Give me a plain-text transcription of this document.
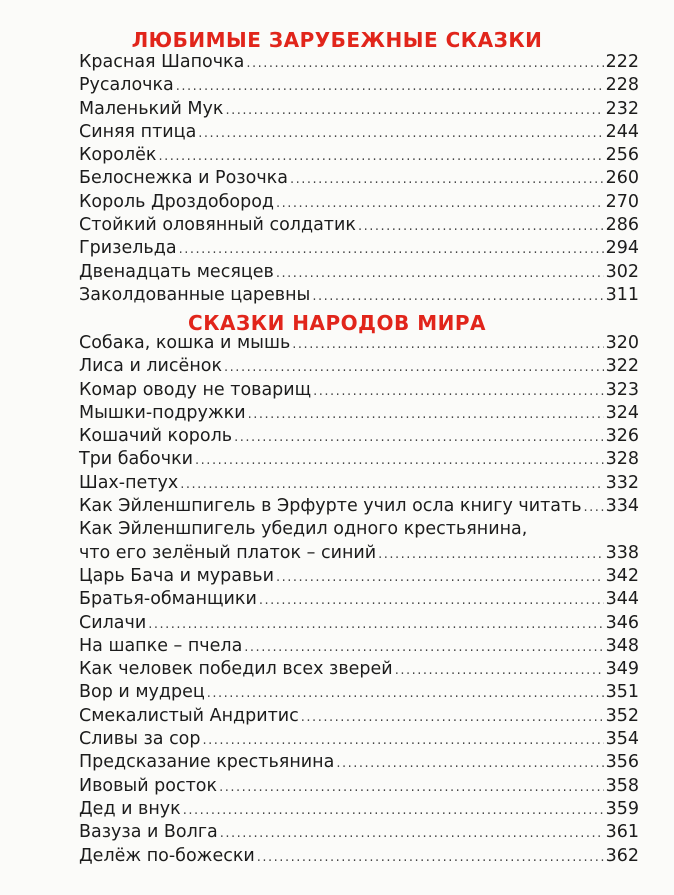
ЛЮБИМЫЕ ЗАРУБЕЖНЫЕ СКАЗКИ
Красная Шапочка .....	222
Русалочка .....	228
Маленький Мук .....	232
Синяя птица .....	244
Королёк .....	256
Белоснежка и Розочка .....	260
Король Дроздобород .....	270
Стойкий оловянный солдатик .....	286
Гризельда .....	294
Двенадцать месяцев .....	302
Заколдованные царевны .....	311
СКАЗКИ НАРОДОВ МИРА
Собака, кошка и мышь .....	320
Лиса и лисёнок .....	322
Комар оводу не товарищ .....	323
Мышки-подружки .....	324
Кошачий король .....	326
Три бабочки .....	328
Шах-петух .....	332
Как Эйленшпигель в Эрфурте учил осла книгу читать ..... 334
Как Эйленшпигель убедил одного крестьянина,
что его зелёный платок – синий .....	338
Царь Бача и муравьи .....	342
Братья-обманщики .....	344
Силачи .....	346
На шапке – пчела .....	348
Как человек победил всех зверей .....	349
Вор и мудрец .....	351
Смекалистый Андритис .....	352
Сливы за сор .....	354
Предсказание крестьянина .....	356
Ивовый росток .....	358
Дед и внук .....	359
Вазуза и Волга .....	361
Делёж по-божески .....	362
